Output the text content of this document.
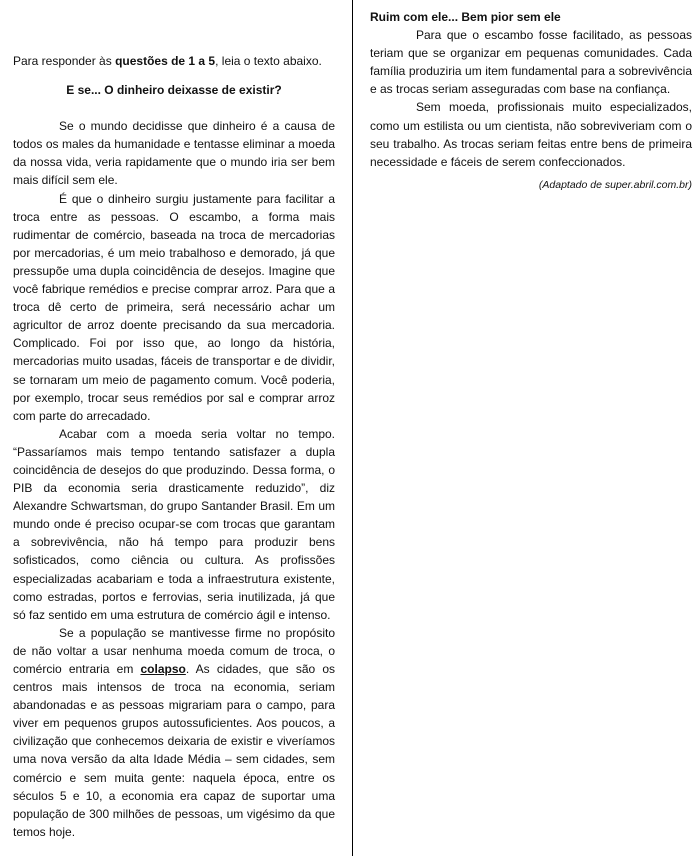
Para responder às questões de 1 a 5, leia o texto abaixo.

E se... O dinheiro deixasse de existir?

Se o mundo decidisse que dinheiro é a causa de todos os males da humanidade e tentasse eliminar a moeda da nossa vida, veria rapidamente que o mundo iria ser bem mais difícil sem ele.

É que o dinheiro surgiu justamente para facilitar a troca entre as pessoas. O escambo, a forma mais rudimentar de comércio, baseada na troca de mercadorias por mercadorias, é um meio trabalhoso e demorado, já que pressupõe uma dupla coincidência de desejos. Imagine que você fabrique remédios e precise comprar arroz. Para que a troca dê certo de primeira, será necessário achar um agricultor de arroz doente precisando da sua mercadoria. Complicado. Foi por isso que, ao longo da história, mercadorias muito usadas, fáceis de transportar e de dividir, se tornaram um meio de pagamento comum. Você poderia, por exemplo, trocar seus remédios por sal e comprar arroz com parte do arrecadado.

Acabar com a moeda seria voltar no tempo. “Passaríamos mais tempo tentando satisfazer a dupla coincidência de desejos do que produzindo. Dessa forma, o PIB da economia seria drasticamente reduzido”, diz Alexandre Schwartsman, do grupo Santander Brasil. Em um mundo onde é preciso ocupar-se com trocas que garantam a sobrevivência, não há tempo para produzir bens sofisticados, como ciência ou cultura. As profissões especializadas acabariam e toda a infraestrutura existente, como estradas, portos e ferrovias, seria inutilizada, já que só faz sentido em uma estrutura de comércio ágil e intenso.

Se a população se mantivesse firme no propósito de não voltar a usar nenhuma moeda comum de troca, o comércio entraria em colapso. As cidades, que são os centros mais intensos de troca na economia, seriam abandonadas e as pessoas migrariam para o campo, para viver em pequenos grupos autossuficientes. Aos poucos, a civilização que conhecemos deixaria de existir e viveríamos uma nova versão da alta Idade Média – sem cidades, sem comércio e sem muita gente: naquela época, entre os séculos 5 e 10, a economia era capaz de suportar uma população de 300 milhões de pessoas, um vigésimo da que temos hoje.

Ruim com ele... Bem pior sem ele

Para que o escambo fosse facilitado, as pessoas teriam que se organizar em pequenas comunidades. Cada família produziria um item fundamental para a sobrevivência e as trocas seriam asseguradas com base na confiança.

Sem moeda, profissionais muito especializados, como um estilista ou um cientista, não sobreviveriam com o seu trabalho. As trocas seriam feitas entre bens de primeira necessidade e fáceis de serem confeccionados.

(Adaptado de super.abril.com.br)
